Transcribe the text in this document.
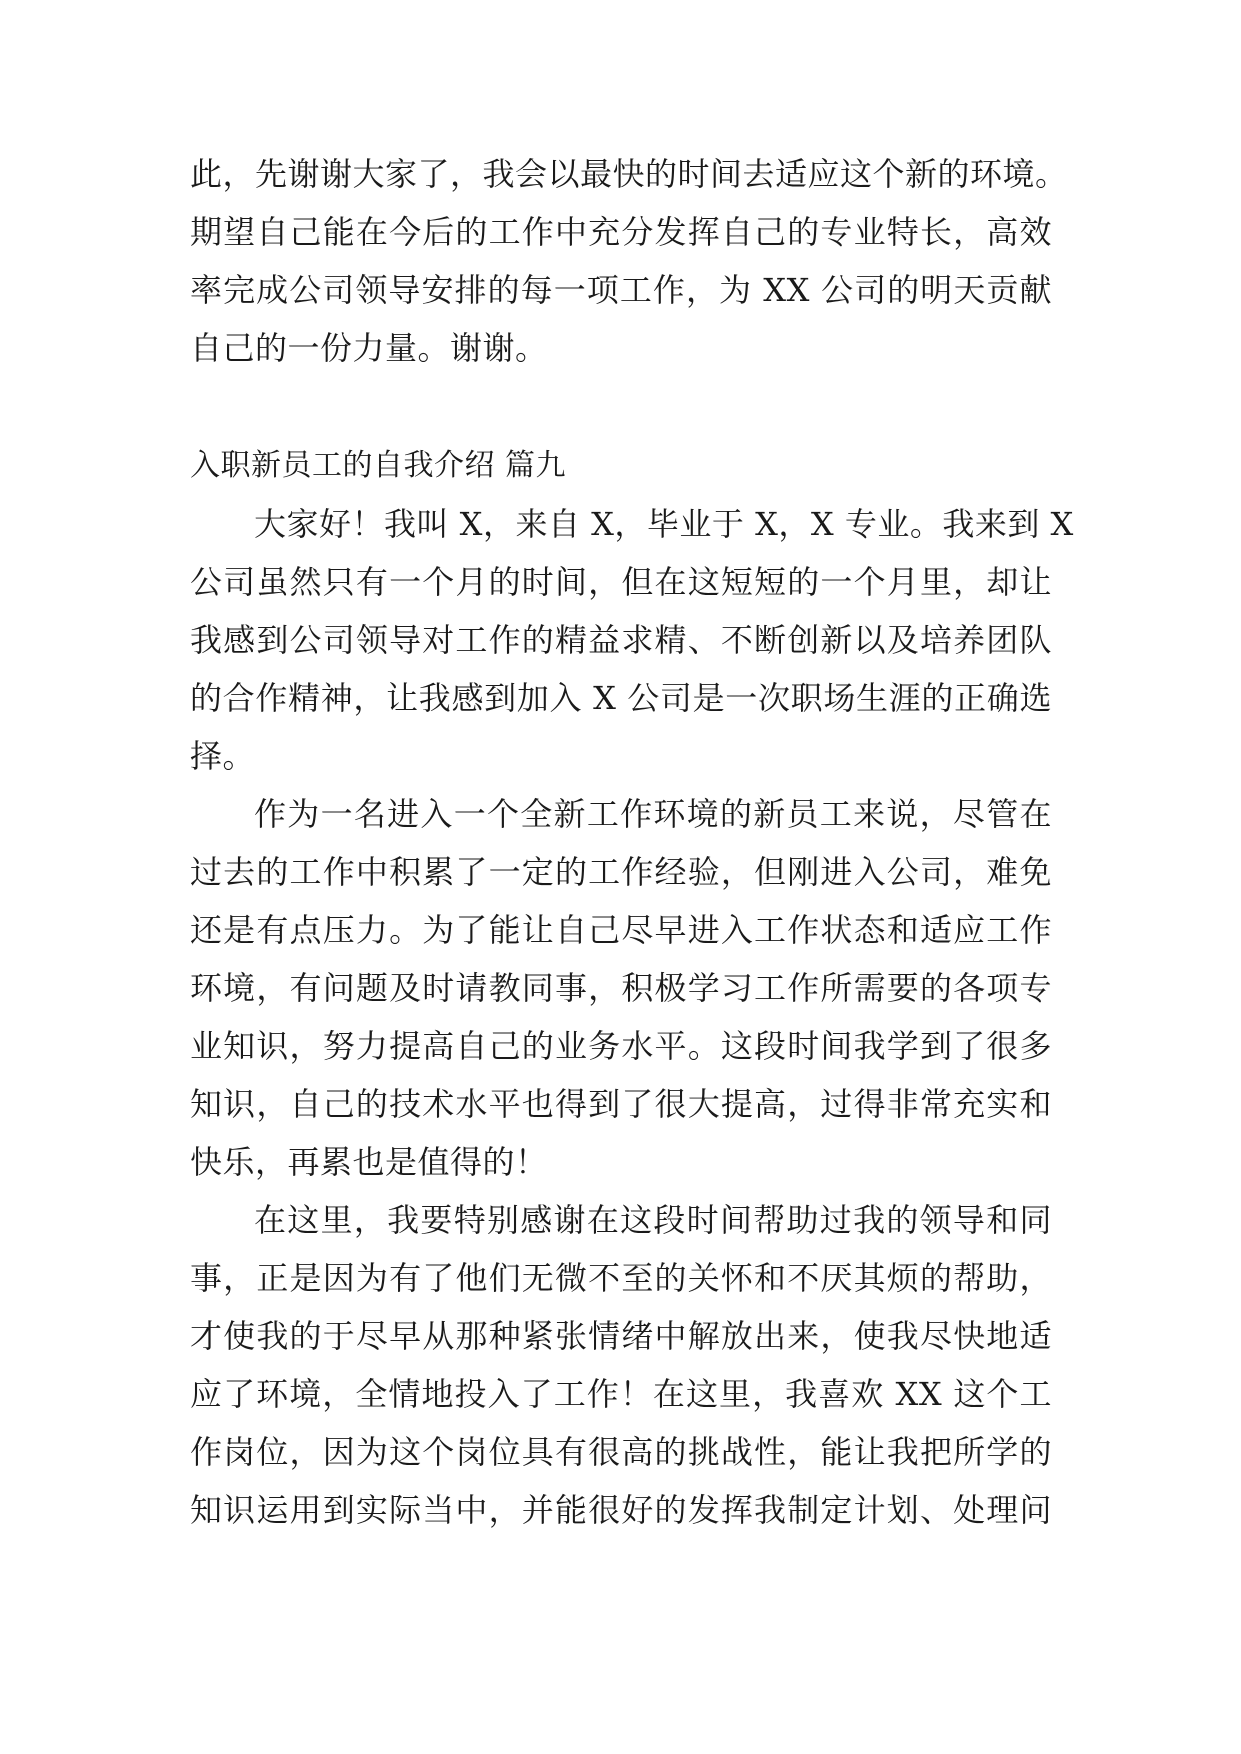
此，先谢谢大家了，我会以最快的时间去适应这个新的环境。
期望自己能在今后的工作中充分发挥自己的专业特长，高效
率完成公司领导安排的每一项工作，为 XX 公司的明天贡献
自己的一份力量。谢谢。
入职新员工的自我介绍 篇九
大家好！我叫 X，来自 X，毕业于 X，X 专业。我来到 X
公司虽然只有一个月的时间，但在这短短的一个月里，却让
我感到公司领导对工作的精益求精、不断创新以及培养团队
的合作精神，让我感到加入 X 公司是一次职场生涯的正确选
择。
作为一名进入一个全新工作环境的新员工来说，尽管在
过去的工作中积累了一定的工作经验，但刚进入公司，难免
还是有点压力。为了能让自己尽早进入工作状态和适应工作
环境，有问题及时请教同事，积极学习工作所需要的各项专
业知识，努力提高自己的业务水平。这段时间我学到了很多
知识，自己的技术水平也得到了很大提高，过得非常充实和
快乐，再累也是值得的！
在这里，我要特别感谢在这段时间帮助过我的领导和同
事，正是因为有了他们无微不至的关怀和不厌其烦的帮助，
才使我的于尽早从那种紧张情绪中解放出来，使我尽快地适
应了环境，全情地投入了工作！在这里，我喜欢 XX 这个工
作岗位，因为这个岗位具有很高的挑战性，能让我把所学的
知识运用到实际当中，并能很好的发挥我制定计划、处理问
